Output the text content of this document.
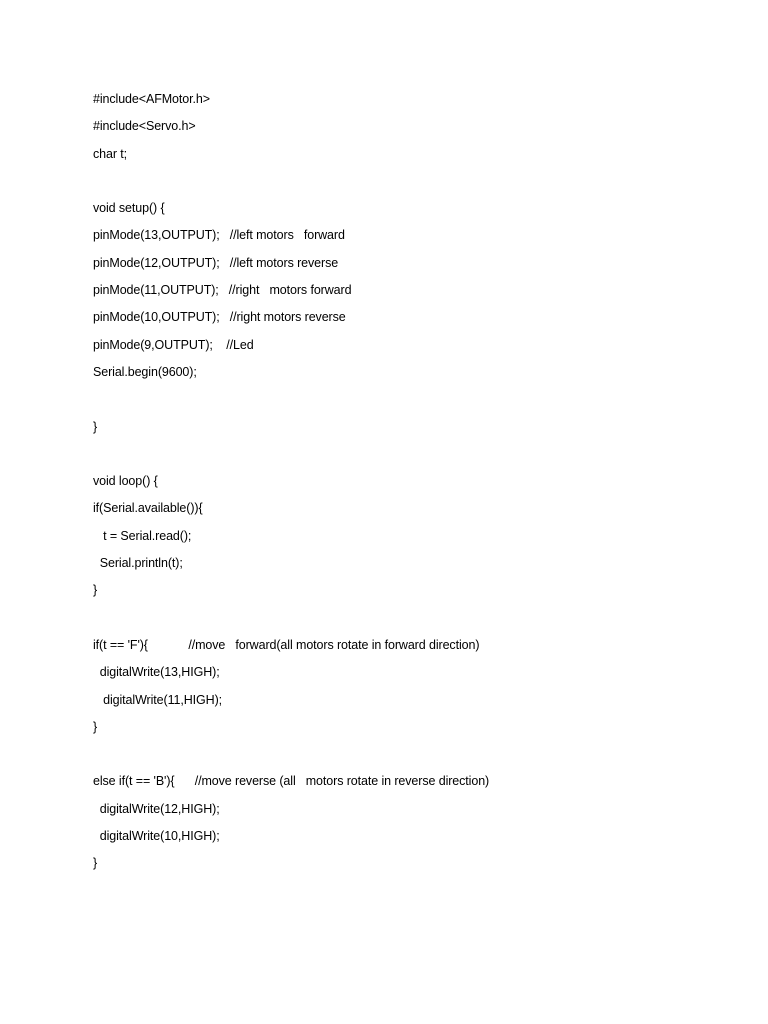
#include<AFMotor.h>
#include<Servo.h>
char t;
void setup() {
pinMode(13,OUTPUT);   //left motors   forward
pinMode(12,OUTPUT);   //left motors reverse
pinMode(11,OUTPUT);   //right   motors forward
pinMode(10,OUTPUT);   //right motors reverse
pinMode(9,OUTPUT);    //Led
Serial.begin(9600);
}
void loop() {
if(Serial.available()){
t = Serial.read();
Serial.println(t);
}
if(t == 'F'){            //move   forward(all motors rotate in forward direction)
digitalWrite(13,HIGH);
digitalWrite(11,HIGH);
}
else if(t == 'B'){      //move reverse (all   motors rotate in reverse direction)
digitalWrite(12,HIGH);
digitalWrite(10,HIGH);
}
